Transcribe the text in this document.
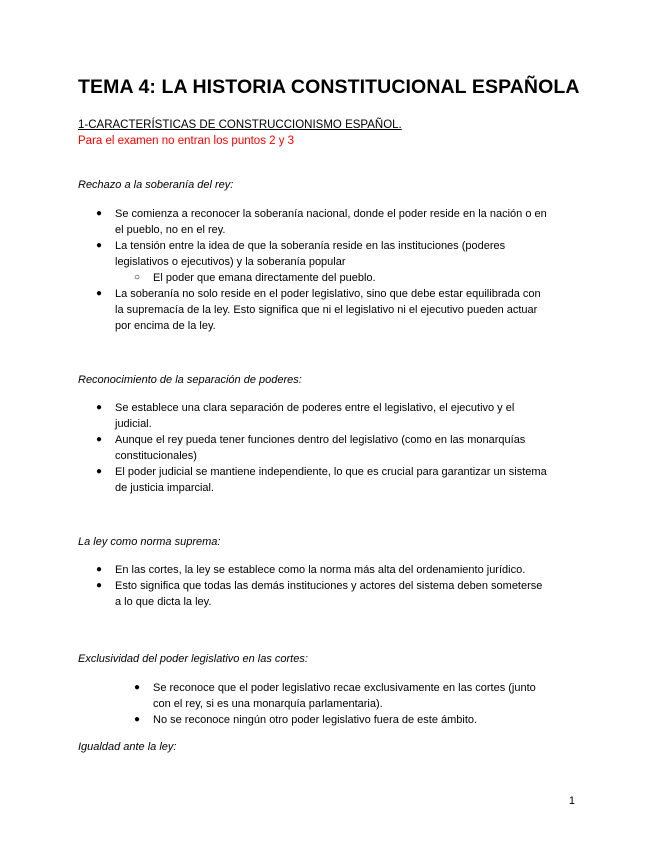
TEMA 4: LA HISTORIA CONSTITUCIONAL ESPAÑOLA
1-CARACTERÍSTICAS DE CONSTRUCCIONISMO ESPAÑOL.
Para el examen no entran los puntos 2 y 3
Rechazo a la soberanía del rey:
● Se comienza a reconocer la soberanía nacional, donde el poder reside en la nación o en
el pueblo, no en el rey.
● La tensión entre la idea de que la soberanía reside en las instituciones (poderes
legislativos o ejecutivos) y la soberanía popular
○ El poder que emana directamente del pueblo.
● La soberanía no solo reside en el poder legislativo, sino que debe estar equilibrada con
la supremacía de la ley. Esto significa que ni el legislativo ni el ejecutivo pueden actuar
por encima de la ley.
Reconocimiento de la separación de poderes:
● Se establece una clara separación de poderes entre el legislativo, el ejecutivo y el
judicial.
● Aunque el rey pueda tener funciones dentro del legislativo (como en las monarquías
constitucionales)
● El poder judicial se mantiene independiente, lo que es crucial para garantizar un sistema
de justicia imparcial.
La ley como norma suprema:
● En las cortes, la ley se establece como la norma más alta del ordenamiento jurídico.
● Esto significa que todas las demás instituciones y actores del sistema deben someterse
a lo que dicta la ley.
Exclusividad del poder legislativo en las cortes:
● Se reconoce que el poder legislativo recae exclusivamente en las cortes (junto
con el rey, si es una monarquía parlamentaria).
● No se reconoce ningún otro poder legislativo fuera de este ámbito.
Igualdad ante la ley:
1
